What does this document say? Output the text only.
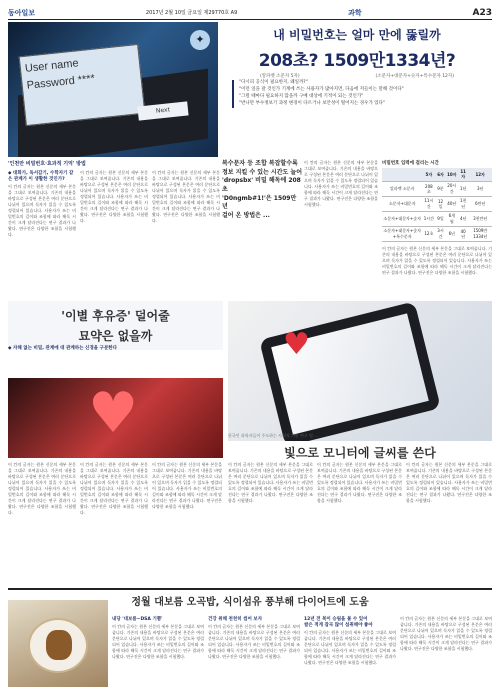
동아일보	2017년 2월 10일 금요일 제29770호 A9	과학	A23
User name
Password ****
Next
✦	내 비밀번호는 얼마 만에 뚫릴까
208초? 1509만1334년?
(알파벳 소문자 5자)	(소문자+대문자+숫자+특수문자 12자)
"다시피 공식이 필요한지, 왜일까?"
"이런 일을 갈 것인가 기계에 쓰는 사용자가 많아지면, 다음에 저들이는 말해 것이다"
"그럴 때마다 필요하지 않을까 구매 대상에 기적이 되는 것인가"
"반나만 부수정보기 과정 변경이 다르거나 보안성이 떨어지는 경우가 있다"
'인천만 비밀번호·효과적 기억' 방법
◆ 대화가, 독서감기, 수학자기 같은 관계가 이 생활한 것인가?
이 칸의 글자는 원본 신문의 세부 본문을 그대로 보여줍니다. 기존의 내용을 바탕으로 구성된 본문은 여러 문단으로 나뉘어 있으며 독자가 읽을 수 있도록 정렬되어 있습니다. 사용자가 쓰는 비밀번호의 길이와 조합에 따라 해독 시간이 크게 달라진다는 연구 결과가 나왔다. 연구진은 다양한 조합을 시험했다.
이 칸의 글자는 원본 신문의 세부 본문을 그대로 보여줍니다. 기존의 내용을 바탕으로 구성된 본문은 여러 문단으로 나뉘어 있으며 독자가 읽을 수 있도록 정렬되어 있습니다. 사용자가 쓰는 비밀번호의 길이와 조합에 따라 해독 시간이 크게 달라진다는 연구 결과가 나왔다. 연구진은 다양한 조합을 시험했다.
이 칸의 글자는 원본 신문의 세부 본문을 그대로 보여줍니다. 기존의 내용을 바탕으로 구성된 본문은 여러 문단으로 나뉘어 있으며 독자가 읽을 수 있도록 정렬되어 있습니다. 사용자가 쓰는 비밀번호의 길이와 조합에 따라 해독 시간이 크게 달라진다는 연구 결과가 나왔다. 연구진은 다양한 조합을 시험했다.
복수문자 등 조합 복잡할수록 정보 지킬 수 있는 시간도 늘어
'dropsbx' 비밀 해독에 208초
'D0ngmb#1!'은 1509만년
걸어 온 방법은 ...
이 칸의 글자는 원본 신문의 세부 본문을 그대로 보여줍니다. 기존의 내용을 바탕으로 구성된 본문은 여러 문단으로 나뉘어 있으며 독자가 읽을 수 있도록 정렬되어 있습니다. 사용자가 쓰는 비밀번호의 길이와 조합에 따라 해독 시간이 크게 달라진다는 연구 결과가 나왔다. 연구진은 다양한 조합을 시험했다.
비밀번호 입력에 걸리는 시간
	5자	6자	10자	11자	12자
알파벳 소문자	208초	9분	20시간	1년	3년
소문자+대문자	11시간	12일	40년	1천년	6만년
소문자+대문자+숫자	1시간	9일	6개월	4년	3천만년
소문자+대문자+숫자+특수문자	12초	3시간	6년	40년	1509만1334년
이 칸의 글자는 원본 신문의 세부 본문을 그대로 보여줍니다. 기존의 내용을 바탕으로 구성된 본문은 여러 문단으로 나뉘어 있으며 독자가 읽을 수 있도록 정렬되어 있습니다. 사용자가 쓰는 비밀번호의 길이와 조합에 따라 해독 시간이 크게 달라진다는 연구 결과가 나왔다. 연구진은 다양한 조합을 시험했다.
'이별 후유증' 덜어줄
묘약은 없을까
◆ 자해 없는 비밀, 관계에 대 관계하는 신경을 구분한다
♥
이 칸의 글자는 원본 신문의 세부 본문을 그대로 보여줍니다. 기존의 내용을 바탕으로 구성된 본문은 여러 문단으로 나뉘어 있으며 독자가 읽을 수 있도록 정렬되어 있습니다. 사용자가 쓰는 비밀번호의 길이와 조합에 따라 해독 시간이 크게 달라진다는 연구 결과가 나왔다. 연구진은 다양한 조합을 시험했다.
이 칸의 글자는 원본 신문의 세부 본문을 그대로 보여줍니다. 기존의 내용을 바탕으로 구성된 본문은 여러 문단으로 나뉘어 있으며 독자가 읽을 수 있도록 정렬되어 있습니다. 사용자가 쓰는 비밀번호의 길이와 조합에 따라 해독 시간이 크게 달라진다는 연구 결과가 나왔다. 연구진은 다양한 조합을 시험했다.
이 칸의 글자는 원본 신문의 세부 본문을 그대로 보여줍니다. 기존의 내용을 바탕으로 구성된 본문은 여러 문단으로 나뉘어 있으며 독자가 읽을 수 있도록 정렬되어 있습니다. 사용자가 쓰는 비밀번호의 길이와 조합에 따라 해독 시간이 크게 달라진다는 연구 결과가 나왔다. 연구진은 다양한 조합을 시험했다.
♥
한국인 과학자들이 주도하는 사회적 기반 연구 팀 ...
빛으로 모니터에 글씨를 쓴다
이 칸의 글자는 원본 신문의 세부 본문을 그대로 보여줍니다. 기존의 내용을 바탕으로 구성된 본문은 여러 문단으로 나뉘어 있으며 독자가 읽을 수 있도록 정렬되어 있습니다. 사용자가 쓰는 비밀번호의 길이와 조합에 따라 해독 시간이 크게 달라진다는 연구 결과가 나왔다. 연구진은 다양한 조합을 시험했다.
이 칸의 글자는 원본 신문의 세부 본문을 그대로 보여줍니다. 기존의 내용을 바탕으로 구성된 본문은 여러 문단으로 나뉘어 있으며 독자가 읽을 수 있도록 정렬되어 있습니다. 사용자가 쓰는 비밀번호의 길이와 조합에 따라 해독 시간이 크게 달라진다는 연구 결과가 나왔다. 연구진은 다양한 조합을 시험했다.
이 칸의 글자는 원본 신문의 세부 본문을 그대로 보여줍니다. 기존의 내용을 바탕으로 구성된 본문은 여러 문단으로 나뉘어 있으며 독자가 읽을 수 있도록 정렬되어 있습니다. 사용자가 쓰는 비밀번호의 길이와 조합에 따라 해독 시간이 크게 달라진다는 연구 결과가 나왔다. 연구진은 다양한 조합을 시험했다.
정월 대보름 오곡밥, 식이섬유 풍부해 다이어트에 도움
내당 '대보름~DSA 기쁨'
이 칸의 글자는 원본 신문의 세부 본문을 그대로 보여줍니다. 기존의 내용을 바탕으로 구성된 본문은 여러 문단으로 나뉘어 있으며 독자가 읽을 수 있도록 정렬되어 있습니다. 사용자가 쓰는 비밀번호의 길이와 조합에 따라 해독 시간이 크게 달라진다는 연구 결과가 나왔다. 연구진은 다양한 조합을 시험했다.
건강 위해 천천히 씹어 보자
이 칸의 글자는 원본 신문의 세부 본문을 그대로 보여줍니다. 기존의 내용을 바탕으로 구성된 본문은 여러 문단으로 나뉘어 있으며 독자가 읽을 수 있도록 정렬되어 있습니다. 사용자가 쓰는 비밀번호의 길이와 조합에 따라 해독 시간이 크게 달라진다는 연구 결과가 나왔다. 연구진은 다양한 조합을 시험했다.
12년 전 복이 승림을 볼 수 있어
쌀은 적게 잡곡 많이 섭취해야 좋아
이 칸의 글자는 원본 신문의 세부 본문을 그대로 보여줍니다. 기존의 내용을 바탕으로 구성된 본문은 여러 문단으로 나뉘어 있으며 독자가 읽을 수 있도록 정렬되어 있습니다. 사용자가 쓰는 비밀번호의 길이와 조합에 따라 해독 시간이 크게 달라진다는 연구 결과가 나왔다. 연구진은 다양한 조합을 시험했다.
이 칸의 글자는 원본 신문의 세부 본문을 그대로 보여줍니다. 기존의 내용을 바탕으로 구성된 본문은 여러 문단으로 나뉘어 있으며 독자가 읽을 수 있도록 정렬되어 있습니다. 사용자가 쓰는 비밀번호의 길이와 조합에 따라 해독 시간이 크게 달라진다는 연구 결과가 나왔다. 연구진은 다양한 조합을 시험했다.
